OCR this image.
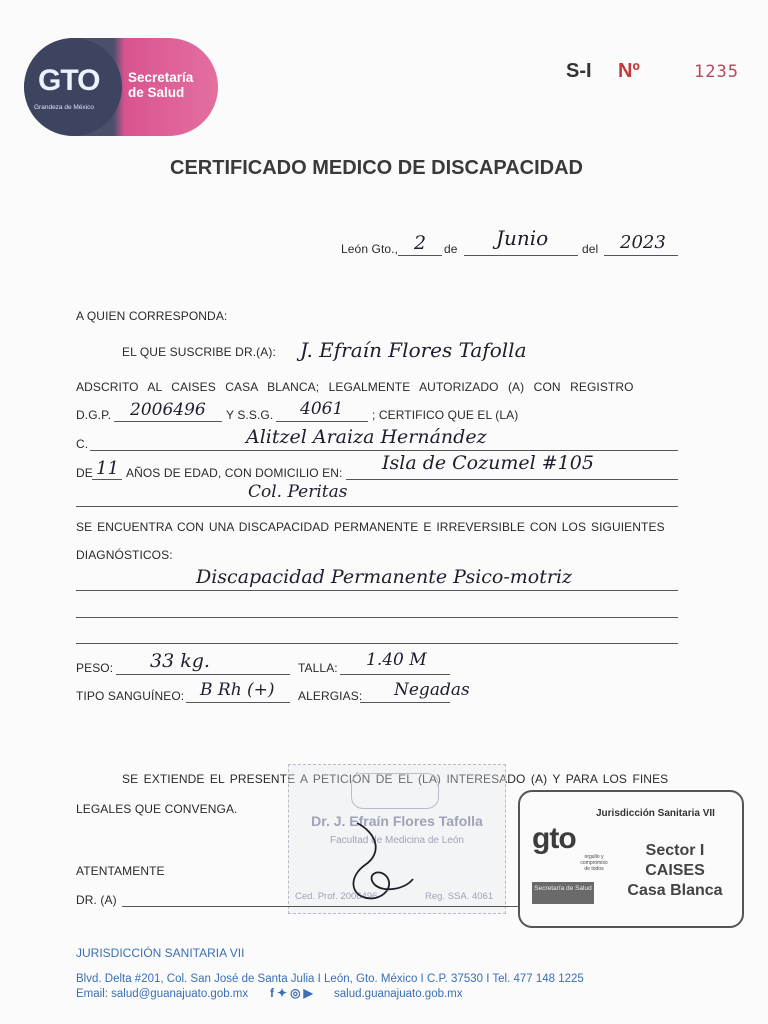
GTO
Grandeza de México
Secretaría
de Salud
S-I Nº	1235
CERTIFICADO MEDICO DE DISCAPACIDAD
León Gto., 2 de Junio	del 2023
A QUIEN CORRESPONDA:
EL QUE SUSCRIBE DR.(A): J. Efraín Flores Tafolla
ADSCRITO AL CAISES CASA BLANCA; LEGALMENTE AUTORIZADO (A) CON REGISTRO
D.G.P. 2006496 Y S.S.G. 4061 ; CERTIFICO QUE EL (LA)
C.	Alitzel Araiza Hernández
DE 11 AÑOS DE EDAD, CON DOMICILIO EN: Isla de Cozumel #105
Col. Peritas
SE ENCUENTRA CON UNA DISCAPACIDAD PERMANENTE E IRREVERSIBLE CON LOS SIGUIENTES
DIAGNÓSTICOS:
Discapacidad Permanente Psico-motriz
PESO: 33 kg.	TALLA: 1.40 M
TIPO SANGUÍNEO: B Rh (+) ALERGIAS: Negadas
SE EXTIENDE EL PRESENTE A PETICIÓN DE EL (LA) INTERESADO (A) Y PARA LOS FINES
LEGALES QUE CONVENGA.
Dr. J. Efraín Flores Tafolla
Facultad de Medicina de León
Ced. Prof. 2006496	Reg. SSA. 4061
ATENTAMENTE
DR. (A)
Jurisdicción Sanitaria VII
gto
orgullo y compromiso de todos
Secretaría de Salud
Sector I
CAISES
Casa Blanca
JURISDICCIÓN SANITARIA VII
Blvd. Delta #201, Col. San José de Santa Julia I León, Gto. México I C.P. 37530 I Tel. 477 148 1225
Email: salud@guanajuato.gob.mx f✦◎▶ salud.guanajuato.gob.mx
